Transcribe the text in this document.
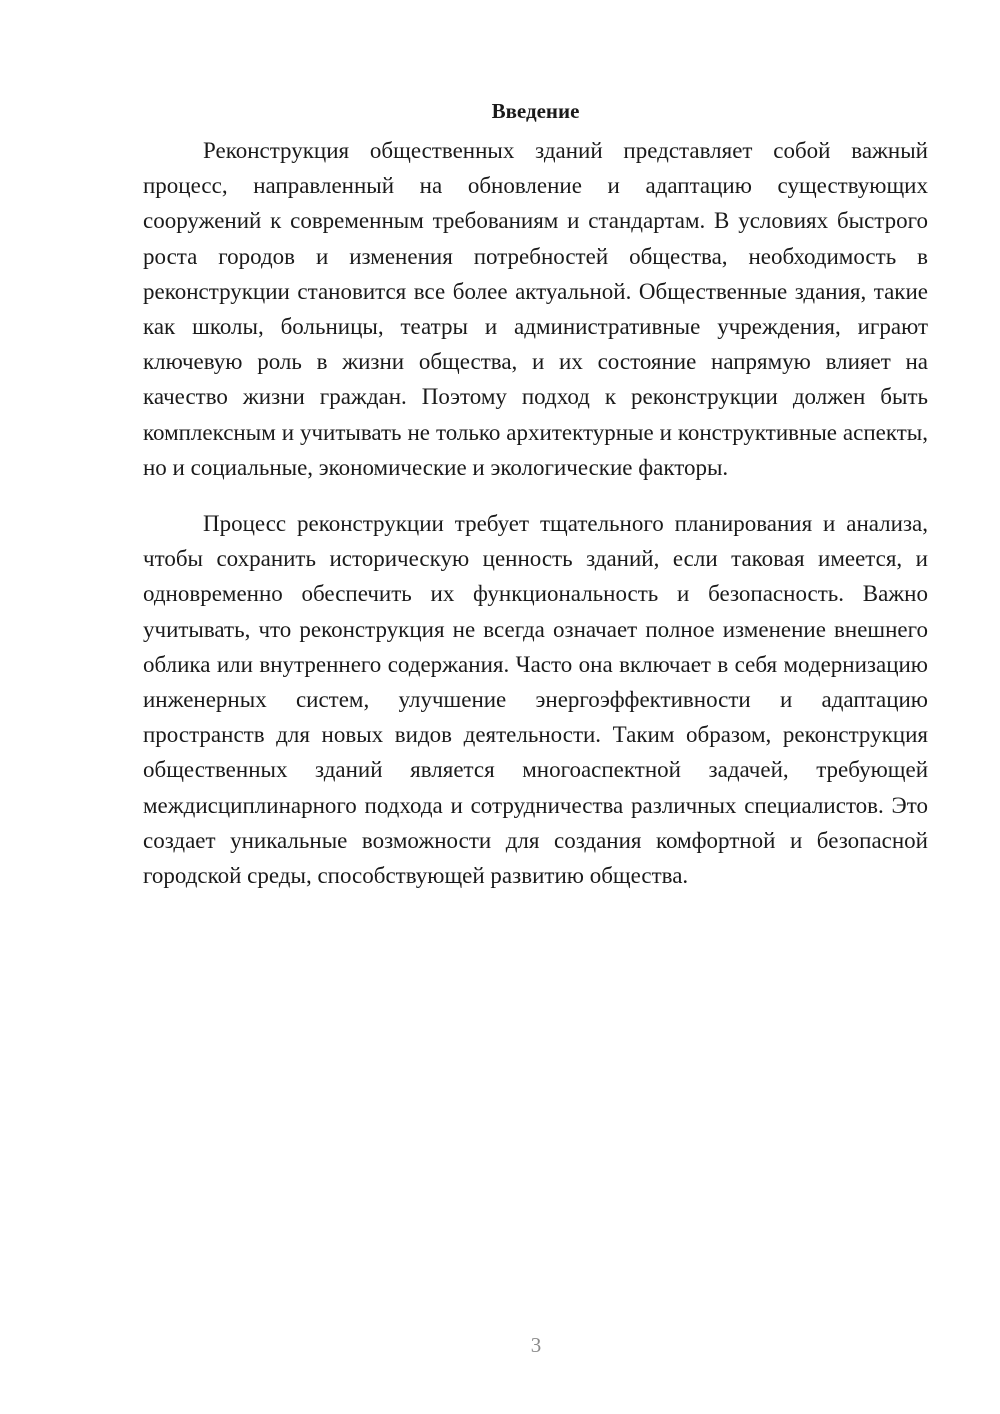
Введение

Реконструкция общественных зданий представляет собой важный процесс, направленный на обновление и адаптацию существующих сооружений к современным требованиям и стандартам. В условиях быстрого роста городов и изменения потребностей общества, необходимость в реконструкции становится все более актуальной. Общественные здания, такие как школы, больницы, театры и административные учреждения, играют ключевую роль в жизни общества, и их состояние напрямую влияет на качество жизни граждан. Поэтому подход к реконструкции должен быть комплексным и учитывать не только архитектурные и конструктивные аспекты, но и социальные, экономические и экологические факторы.

Процесс реконструкции требует тщательного планирования и анализа, чтобы сохранить историческую ценность зданий, если таковая имеется, и одновременно обеспечить их функциональность и безопасность. Важно учитывать, что реконструкция не всегда означает полное изменение внешнего облика или внутреннего содержания. Часто она включает в себя модернизацию инженерных систем, улучшение энергоэффективности и адаптацию пространств для новых видов деятельности. Таким образом, реконструкция общественных зданий является многоаспектной задачей, требующей междисциплинарного подхода и сотрудничества различных специалистов. Это создает уникальные возможности для создания комфортной и безопасной городской среды, способствующей развитию общества.

3
